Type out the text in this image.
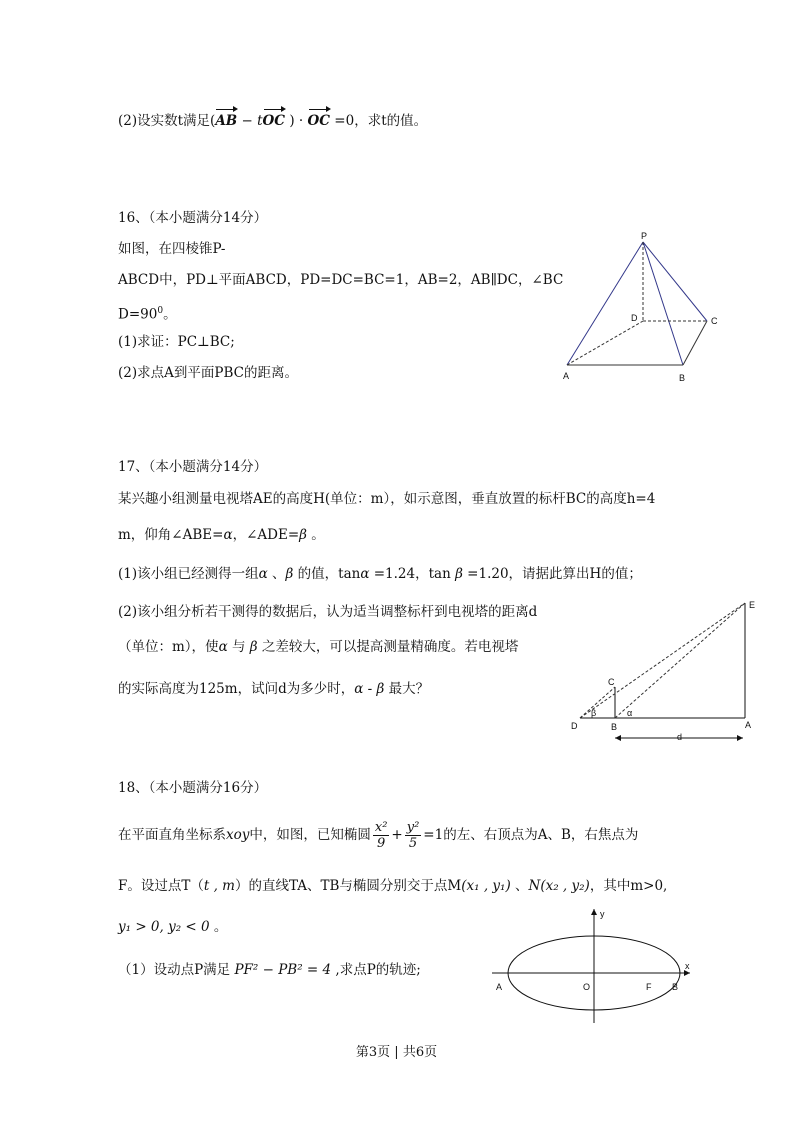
(2)设实数t满足(AB − tOC ) · OC =0，求t的值。
16、（本小题满分14分）
如图，在四棱锥P-
ABCD中，PD⊥平面ABCD，PD=DC=BC=1，AB=2，AB∥DC，∠BC
$D=90^0$。
(1)求证：PC⊥BC;
(2)求点A到平面PBC的距离。
P
D	C
A	B
17、（本小题满分14分）
某兴趣小组测量电视塔AE的高度H(单位：m），如示意图，垂直放置的标杆BC的高度h=4
m，仰角∠ABE=α，∠ADE=β 。
(1)该小组已经测得一组α 、β 的值，tanα =1.24，tan β =1.20，请据此算出H的值；
(2)该小组分析若干测得的数据后，认为适当调整标杆到电视塔的距离d
（单位：m），使α 与 β 之差较大，可以提高测量精确度。若电视塔
的实际高度为125m，试问d为多少时，α - β 最大？
E
C
D	B	A
β	α
d
18、（本小题满分16分）
在平面直角坐标系xoy中，如图，已知椭圆 $\frac{\text{x²}}{9} + \frac{\text{y²}}{5} =1$的左、右顶点为A、B，右焦点为
F。设过点T（t , m）的直线TA、TB与椭圆分别交于点M(x₁ , y₁) 、N(x₂ , y₂)，其中m>0,
y₁ > 0, y₂ < 0 。
（1）设动点P满足 PF² − PB² = 4 ,求点P的轨迹;
y
x
A	O	F B
第3页 | 共6页
